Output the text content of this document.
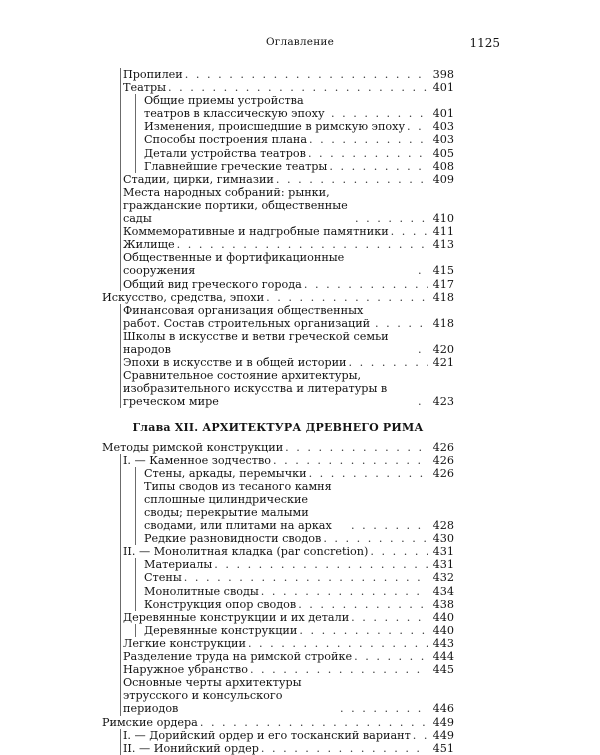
Оглавление	1125
Пропилеи . . .	398
Театры . . .	401
Общие приемы устройства театров в классическую эпоху . . .	401
Изменения, происшедшие в римскую эпоху . . . 403
Способы построения плана . . .	403
Детали устройства театров . . .	405
Главнейшие греческие театры . . .	408
Стадии, цирки, гимназии . . .	409
Места народных собраний: рынки, гражданские портики, общественные сады . . .	410
Коммеморативные и надгробные памятники . . .	411
Жилище . . .	413
Общественные и фортификационные сооружения . . .	415
Общий вид греческого города . . .	417
Искусство, средства, эпохи . . .	418
Финансовая организация общественных работ. Состав строительных организаций . . .	418
Школы в искусстве и ветви греческой семьи народов . . .	420
Эпохи в искусстве и в общей истории . . .	421
Сравнительное состояние архитектуры, изобразительного искусства и литературы в греческом мире . . .	423
Глава XII. АРХИТЕКТУРА ДРЕВНЕГО РИМА
Методы римской конструкции . . .	426
I. — Каменное зодчество . . .	426
Стены, аркады, перемычки . . .	426
Типы сводов из тесаного камня сплошные цилиндрические своды; перекрытие малыми сводами, или плитами на арках . . .	428
Редкие разновидности сводов . . .	430
II. — Монолитная кладка (par concretion) . . .	431
Материалы . . .	431
Стены . . .	432
Монолитные своды . . .	434
Конструкция опор сводов . . .	438
Деревянные конструкции и их детали . . .	440
Деревянные конструкции . . .	440
Легкие конструкции . . .	443
Разделение труда на римской стройке . . .	444
Наружное убранство . . .	445
Основные черты архитектуры этрусского и консульского периодов . . .	446
Римские ордера . . .	449
I. — Дорийский ордер и его тосканский вариант . . . 449
II. — Ионийский ордер . . .	451
